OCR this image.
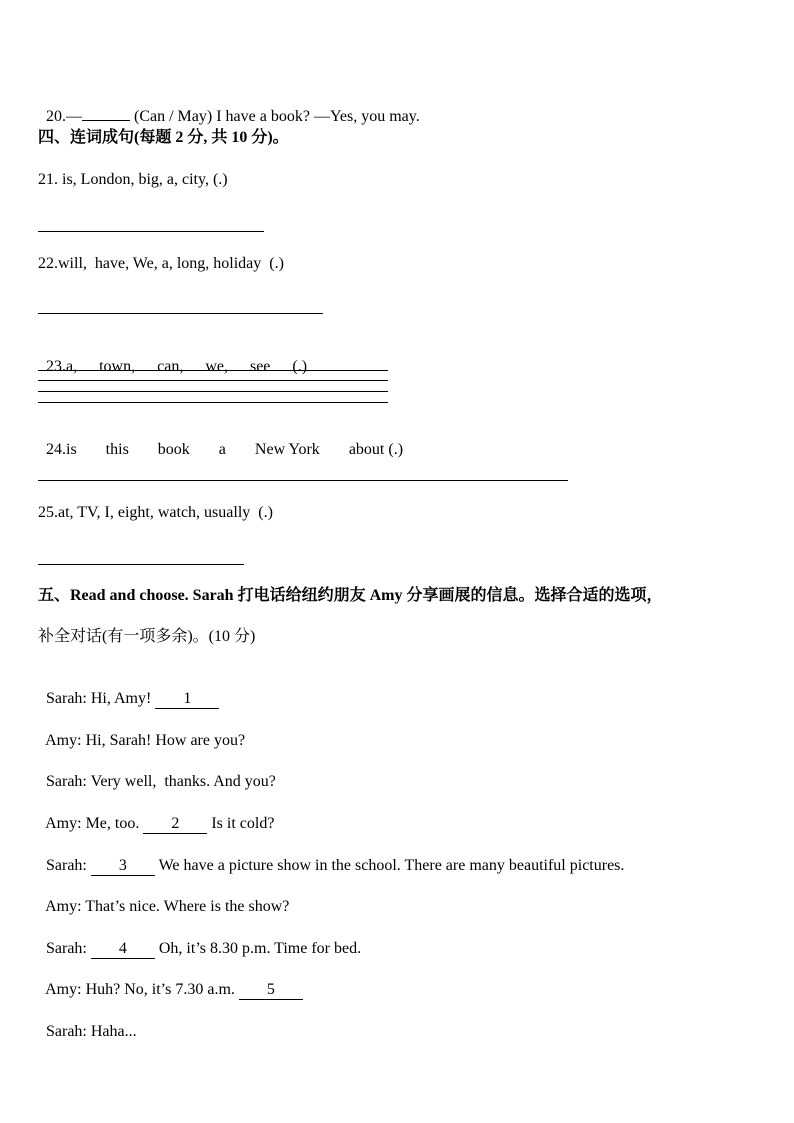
20.—	(Can / May) I have a book? —Yes, you may.

四、连词成句(每题 2 分, 共 10 分)。
21. is, London, big, a, city, (.)
22.will,  have, We, a, long, holiday  (.)

23.a, town, can, we, see (.)

24.is this book a New York about (.)

25.at, TV, I, eight, watch, usually  (.)
五、Read and choose. Sarah 打电话给纽约朋友 Amy 分享画展的信息。选择合适的选项，
补全对话(有一项多余)。(10 分)

Sarah: Hi, Amy! 1

Amy: Hi, Sarah! How are you?

Sarah: Very well,  thanks. And you?

Amy: Me, too. 2 Is it cold?

Sarah: 3 We have a picture show in the school. There are many beautiful pictures.

Amy: That’s nice. Where is the show?

Sarah: 4 Oh, it’s 8.30 p.m. Time for bed.

Amy: Huh? No, it’s 7.30 a.m. 5

Sarah: Haha...
